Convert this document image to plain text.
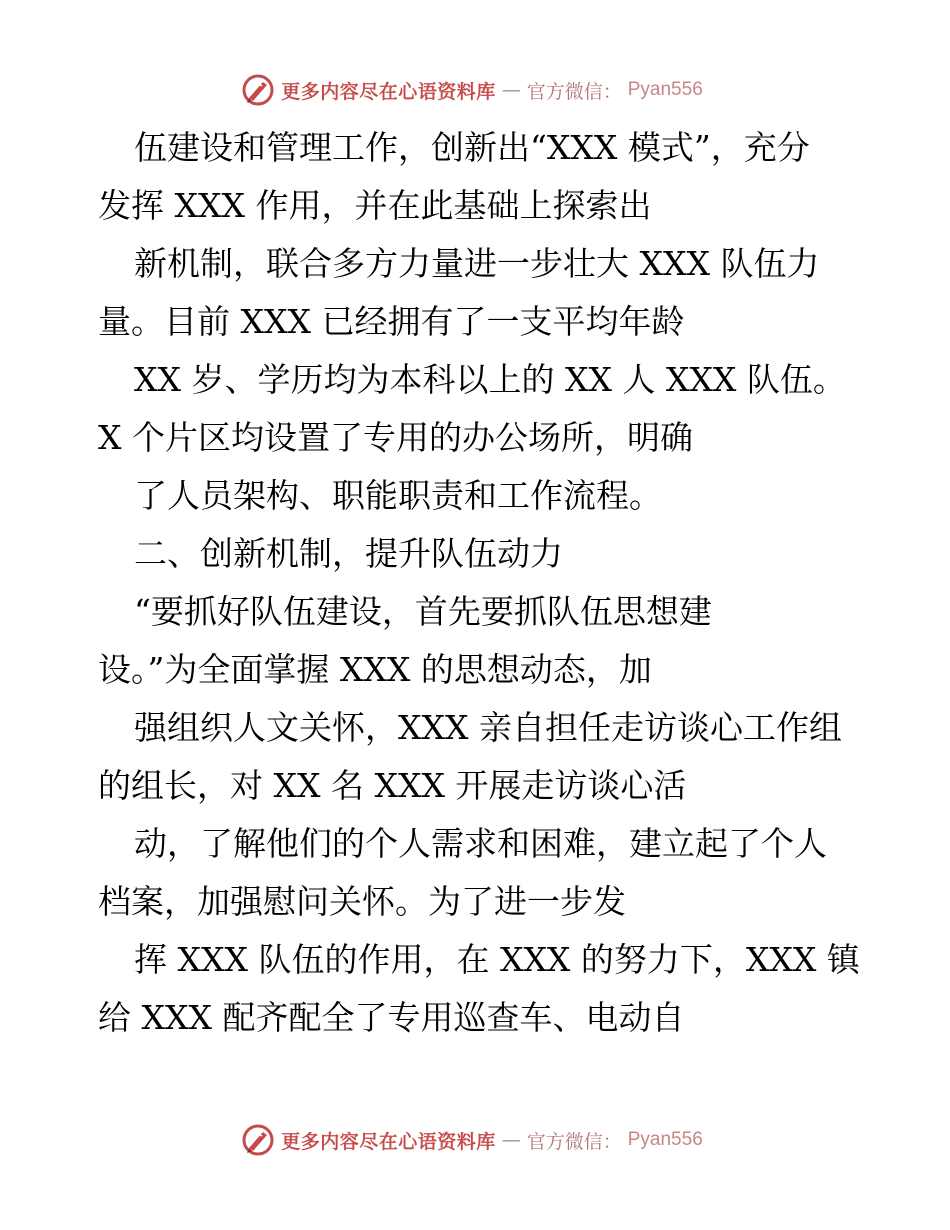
更多内容尽在心语资料库 — 官方微信： Pyan556
伍建设和管理工作，创新出“XXX 模式”，充分
发挥 XXX 作用，并在此基础上探索出
新机制，联合多方力量进一步壮大 XXX 队伍力
量。目前 XXX 已经拥有了一支平均年龄
XX 岁、学历均为本科以上的 XX 人 XXX 队伍。
X 个片区均设置了专用的办公场所，明确
了人员架构、职能职责和工作流程。
二、创新机制，提升队伍动力
“要抓好队伍建设，首先要抓队伍思想建
设。”为全面掌握 XXX 的思想动态，加
强组织人文关怀，XXX 亲自担任走访谈心工作组
的组长，对 XX 名 XXX 开展走访谈心活
动，了解他们的个人需求和困难，建立起了个人
档案，加强慰问关怀。为了进一步发
挥 XXX 队伍的作用，在 XXX 的努力下，XXX 镇
给 XXX 配齐配全了专用巡查车、电动自
更多内容尽在心语资料库 — 官方微信： Pyan556
